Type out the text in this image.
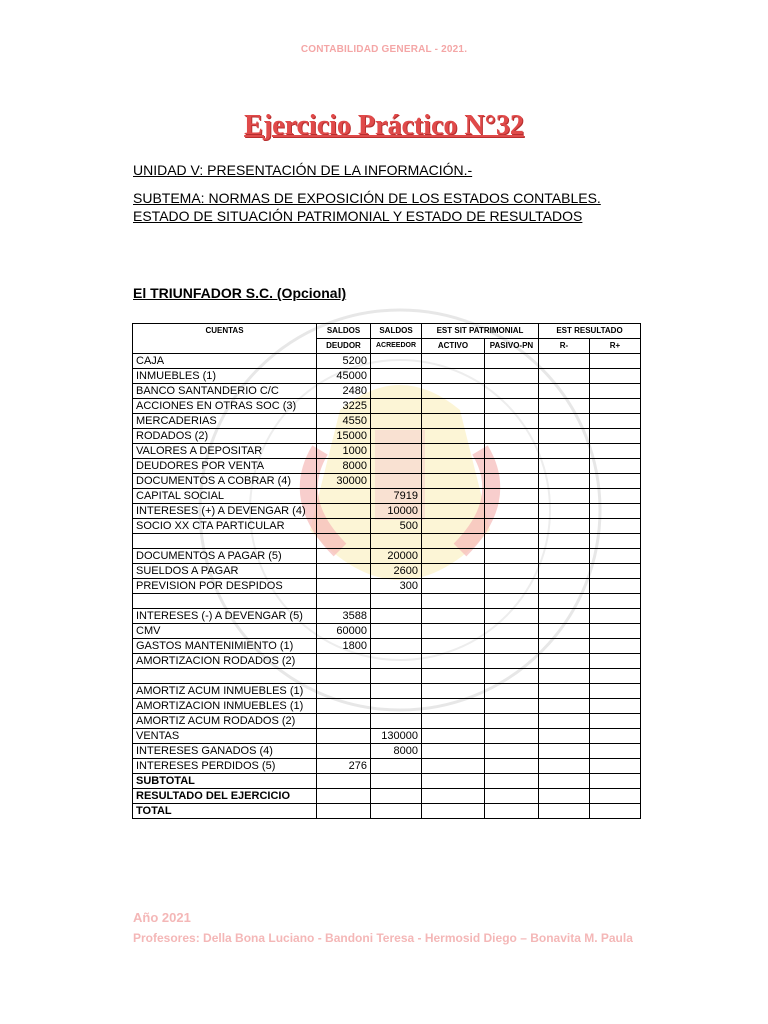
CONTABILIDAD GENERAL - 2021.
Ejercicio Práctico N°32
UNIDAD V: PRESENTACIÓN DE LA INFORMACIÓN.-
SUBTEMA: NORMAS DE EXPOSICIÓN DE LOS ESTADOS CONTABLES.
ESTADO DE SITUACIÓN PATRIMONIAL Y ESTADO DE RESULTADOS
El TRIUNFADOR S.C. (Opcional)
CUENTAS	SALDOS	SALDOS	EST SIT PATRIMONIAL		EST RESULTADO	
	DEUDOR	ACREEDOR	ACTIVO	PASIVO-PN	R-	R+
CAJA	5200					
INMUEBLES (1)	45000					
BANCO SANTANDERIO C/C	2480					
ACCIONES EN OTRAS SOC (3)	3225					
MERCADERIAS	4550					
RODADOS (2)	15000					
VALORES A DEPOSITAR	1000					
DEUDORES POR VENTA	8000					
DOCUMENTOS A COBRAR (4)	30000					
CAPITAL SOCIAL		7919				
INTERESES (+) A DEVENGAR (4)		10000				
SOCIO XX CTA PARTICULAR		500				

DOCUMENTOS A PAGAR (5)		20000				
SUELDOS A PAGAR		2600				
PREVISION POR DESPIDOS		300				

INTERESES (-) A DEVENGAR (5)	3588					
CMV	60000					
GASTOS MANTENIMIENTO (1)	1800					
AMORTIZACION RODADOS (2)						

AMORTIZ ACUM INMUEBLES (1)						
AMORTIZACION INMUEBLES (1)						
AMORTIZ ACUM RODADOS (2)						
VENTAS		130000				
INTERESES GANADOS (4)		8000				
INTERESES PERDIDOS (5)	276					
SUBTOTAL						
RESULTADO DEL EJERCICIO						
TOTAL						
Año 2021
Profesores: Della Bona Luciano - Bandoni Teresa - Hermosid Diego – Bonavita M. Paula
